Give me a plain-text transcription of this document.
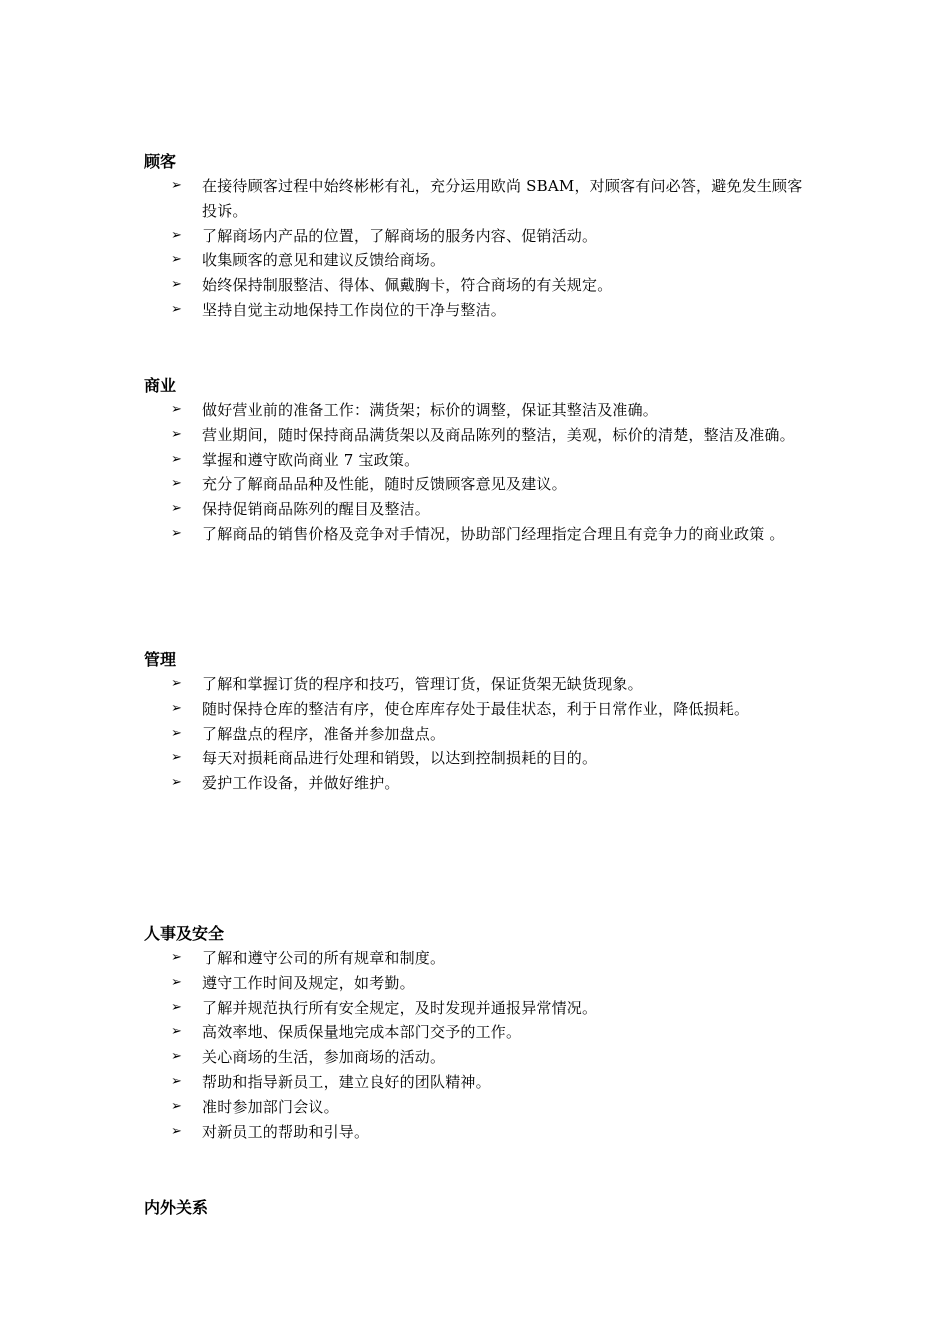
顾客
➢	在接待顾客过程中始终彬彬有礼，充分运用欧尚 SBAM，对顾客有问必答，避免发生顾客投诉。
➢	了解商场内产品的位置，了解商场的服务内容、促销活动。
➢	收集顾客的意见和建议反馈给商场。
➢	始终保持制服整洁、得体、佩戴胸卡，符合商场的有关规定。
➢	坚持自觉主动地保持工作岗位的干净与整洁。
商业
➢	做好营业前的准备工作：满货架；标价的调整，保证其整洁及准确。
➢	营业期间，随时保持商品满货架以及商品陈列的整洁，美观，标价的清楚，整洁及准确。
➢	掌握和遵守欧尚商业 7 宝政策。
➢	充分了解商品品种及性能，随时反馈顾客意见及建议。
➢	保持促销商品陈列的醒目及整洁。
➢	了解商品的销售价格及竞争对手情况，协助部门经理指定合理且有竞争力的商业政策 。
管理
➢	了解和掌握订货的程序和技巧，管理订货，保证货架无缺货现象。
➢	随时保持仓库的整洁有序，使仓库库存处于最佳状态，利于日常作业，降低损耗。
➢	了解盘点的程序，准备并参加盘点。
➢	每天对损耗商品进行处理和销毁，以达到控制损耗的目的。
➢	爱护工作设备，并做好维护。
人事及安全
➢	了解和遵守公司的所有规章和制度。
➢	遵守工作时间及规定，如考勤。
➢	了解并规范执行所有安全规定，及时发现并通报异常情况。
➢	高效率地、保质保量地完成本部门交予的工作。
➢	关心商场的生活，参加商场的活动。
➢	帮助和指导新员工，建立良好的团队精神。
➢	准时参加部门会议。
➢	对新员工的帮助和引导。
内外关系
